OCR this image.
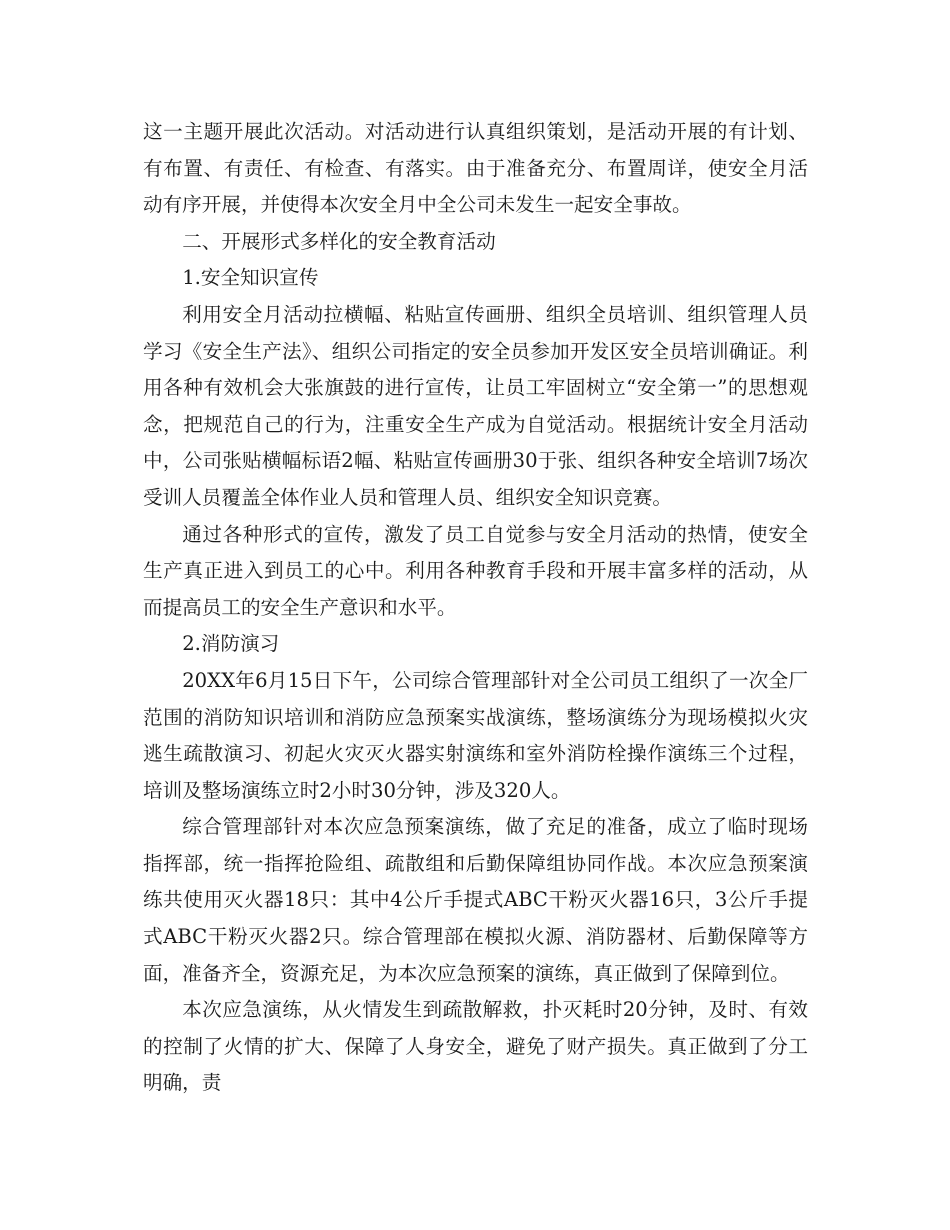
这一主题开展此次活动。对活动进行认真组织策划，是活动开展的有计划、有布置、有责任、有检查、有落实。由于准备充分、布置周详，使安全月活动有序开展，并使得本次安全月中全公司未发生一起安全事故。

二、开展形式多样化的安全教育活动

1.安全知识宣传

利用安全月活动拉横幅、粘贴宣传画册、组织全员培训、组织管理人员学习《安全生产法》、组织公司指定的安全员参加开发区安全员培训确证。利用各种有效机会大张旗鼓的进行宣传，让员工牢固树立“安全第一”的思想观念，把规范自己的行为，注重安全生产成为自觉活动。根据统计安全月活动中，公司张贴横幅标语2幅、粘贴宣传画册30于张、组织各种安全培训7场次受训人员覆盖全体作业人员和管理人员、组织安全知识竞赛。

通过各种形式的宣传，激发了员工自觉参与安全月活动的热情，使安全生产真正进入到员工的心中。利用各种教育手段和开展丰富多样的活动，从而提高员工的安全生产意识和水平。

2.消防演习

20XX年6月15日下午，公司综合管理部针对全公司员工组织了一次全厂范围的消防知识培训和消防应急预案实战演练，整场演练分为现场模拟火灾逃生疏散演习、初起火灾灭火器实射演练和室外消防栓操作演练三个过程，培训及整场演练立时2小时30分钟，涉及320人。

综合管理部针对本次应急预案演练，做了充足的准备，成立了临时现场指挥部，统一指挥抢险组、疏散组和后勤保障组协同作战。本次应急预案演练共使用灭火器18只：其中4公斤手提式ABC干粉灭火器16只，3公斤手提式ABC干粉灭火器2只。综合管理部在模拟火源、消防器材、后勤保障等方面，准备齐全，资源充足，为本次应急预案的演练，真正做到了保障到位。

本次应急演练，从火情发生到疏散解救，扑灭耗时20分钟，及时、有效的控制了火情的扩大、保障了人身安全，避免了财产损失。真正做到了分工明确，责
